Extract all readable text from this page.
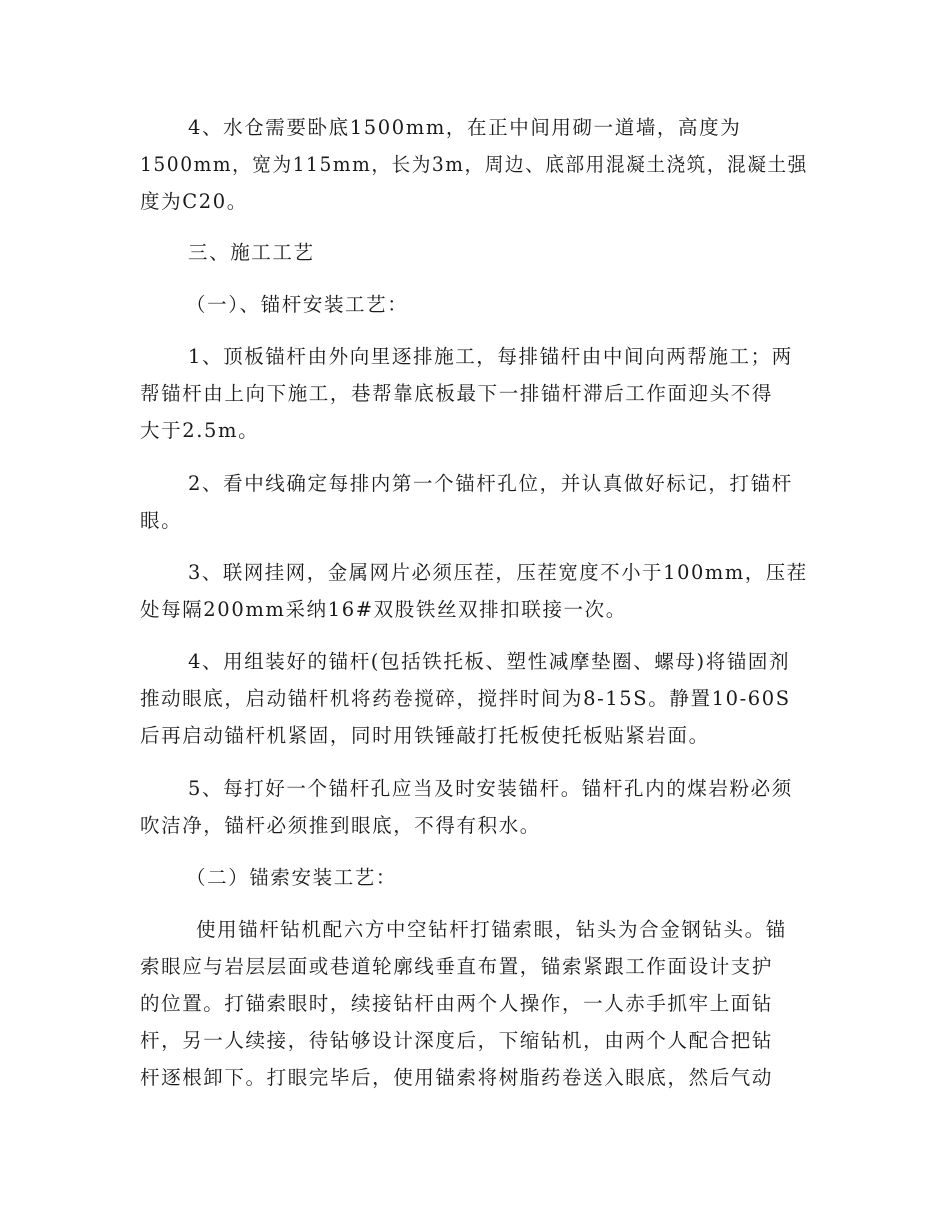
4、水仓需要卧底1500mm，在正中间用砌一道墙，高度为
1500mm，宽为115mm，长为3m，周边、底部用混凝土浇筑，混凝土强
度为C20。
三、施工工艺
（一）、锚杆安装工艺：
1、顶板锚杆由外向里逐排施工，每排锚杆由中间向两帮施工；两
帮锚杆由上向下施工，巷帮靠底板最下一排锚杆滞后工作面迎头不得
大于2.5m。
2、看中线确定每排内第一个锚杆孔位，并认真做好标记，打锚杆
眼。
3、联网挂网，金属网片必须压茬，压茬宽度不小于100mm，压茬
处每隔200mm采纳16#双股铁丝双排扣联接一次。
4、用组装好的锚杆(包括铁托板、塑性减摩垫圈、螺母)将锚固剂
推动眼底，启动锚杆机将药卷搅碎，搅拌时间为8-15S。静置10-60S
后再启动锚杆机紧固，同时用铁锤敲打托板使托板贴紧岩面。
5、每打好一个锚杆孔应当及时安装锚杆。锚杆孔内的煤岩粉必须
吹洁净，锚杆必须推到眼底，不得有积水。
（二）锚索安装工艺：
使用锚杆钻机配六方中空钻杆打锚索眼，钻头为合金钢钻头。锚
索眼应与岩层层面或巷道轮廓线垂直布置，锚索紧跟工作面设计支护
的位置。打锚索眼时，续接钻杆由两个人操作，一人赤手抓牢上面钻
杆，另一人续接，待钻够设计深度后，下缩钻机，由两个人配合把钻
杆逐根卸下。打眼完毕后，使用锚索将树脂药卷送入眼底，然后气动
